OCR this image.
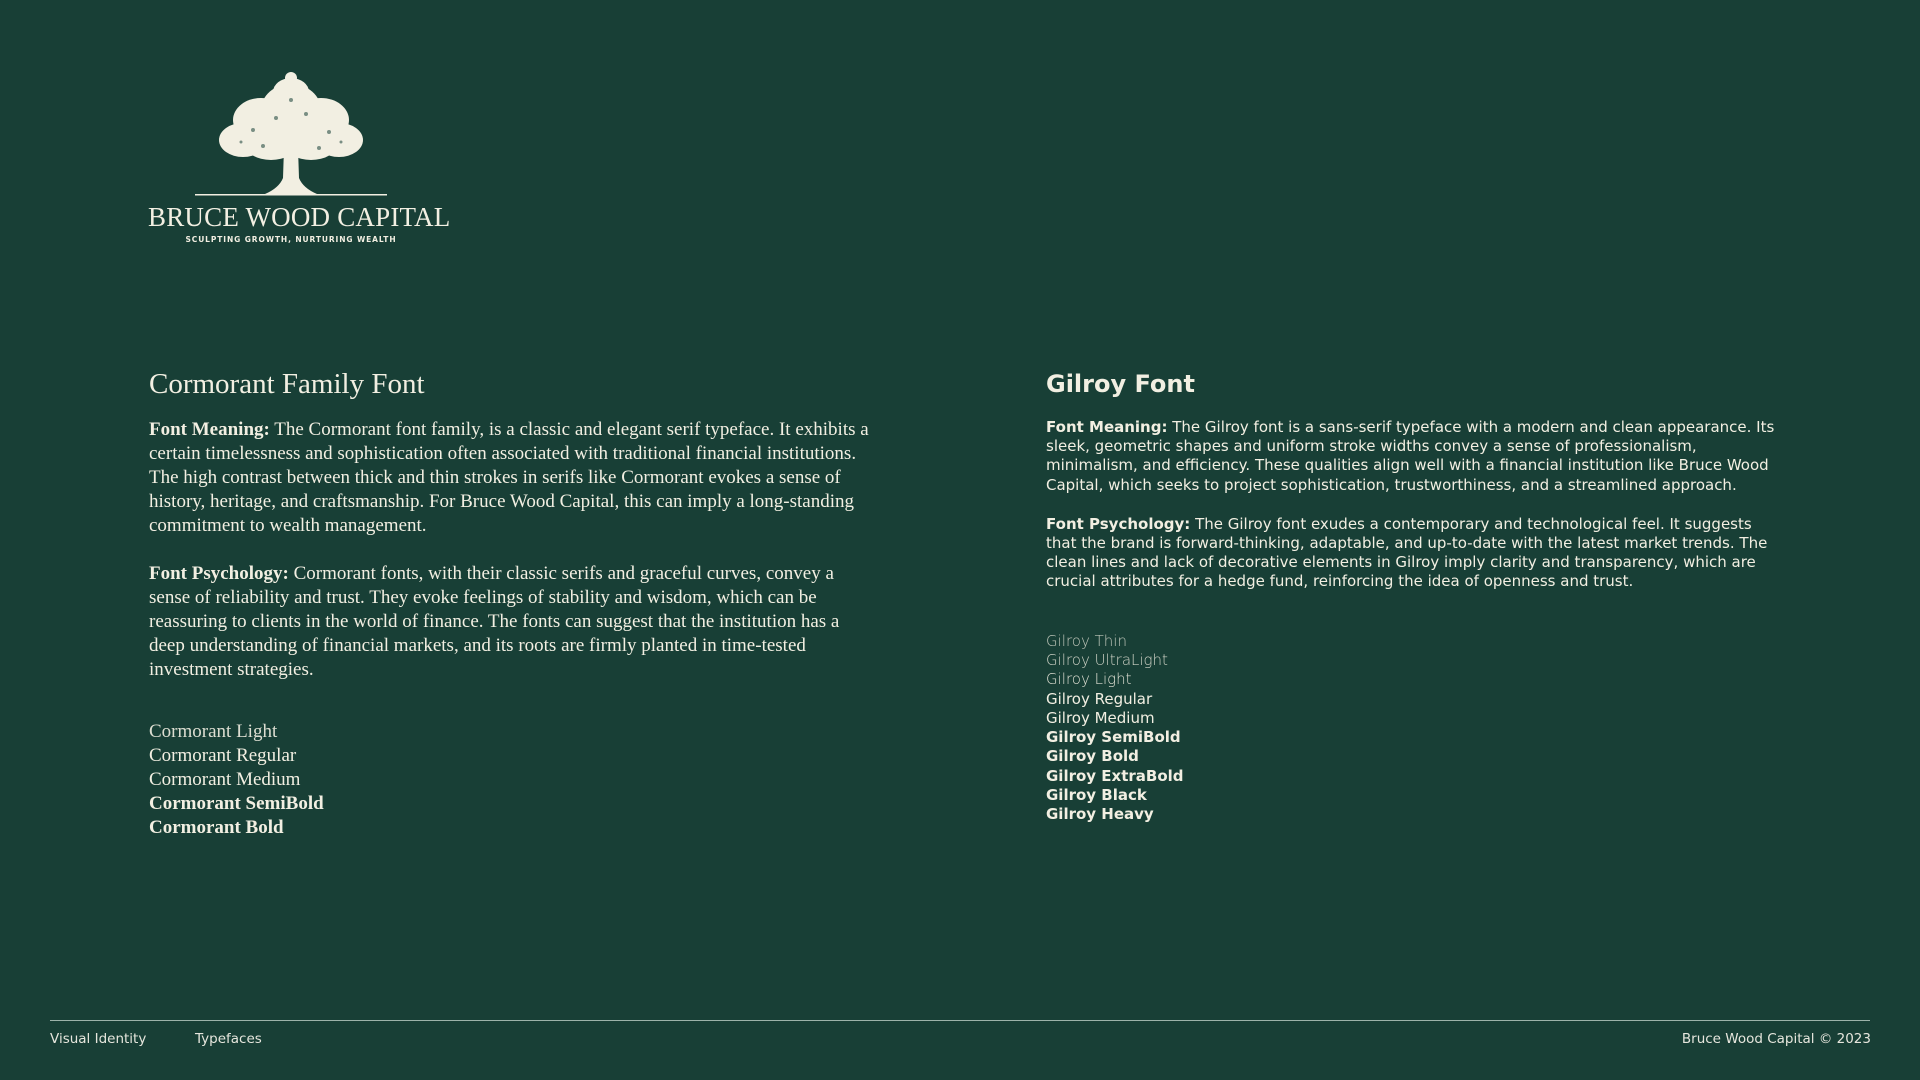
BRUCE WOOD CAPITAL
SCULPTING GROWTH, NURTURING WEALTH
Cormorant Family Font

Font Meaning: The Cormorant font family, is a classic and elegant serif typeface. It exhibits a certain timelessness and sophistication often associated with traditional financial institutions. The high contrast between thick and thin strokes in serifs like Cormorant evokes a sense of history, heritage, and craftsmanship. For Bruce Wood Capital, this can imply a long-standing commitment to wealth management.

Font Psychology: Cormorant fonts, with their classic serifs and graceful curves, convey a sense of reliability and trust. They evoke feelings of stability and wisdom, which can be reassuring to clients in the world of finance. The fonts can suggest that the institution has a deep understanding of financial markets, and its roots are firmly planted in time-tested investment strategies.

Cormorant Light
Cormorant Regular
Cormorant Medium
Cormorant SemiBold
Cormorant Bold
Gilroy Font

Font Meaning: The Gilroy font is a sans-serif typeface with a modern and clean appearance. Its sleek, geometric shapes and uniform stroke widths convey a sense of professionalism, minimalism, and efficiency. These qualities align well with a financial institution like Bruce Wood Capital, which seeks to project sophistication, trustworthiness, and a streamlined approach.

Font Psychology: The Gilroy font exudes a contemporary and technological feel. It suggests that the brand is forward-thinking, adaptable, and up-to-date with the latest market trends. The clean lines and lack of decorative elements in Gilroy imply clarity and transparency, which are crucial attributes for a hedge fund, reinforcing the idea of openness and trust.

Gilroy Thin
Gilroy UltraLight
Gilroy Light
Gilroy Regular
Gilroy Medium
Gilroy SemiBold
Gilroy Bold
Gilroy ExtraBold
Gilroy Black
Gilroy Heavy
Visual Identity	Typefaces	Bruce Wood Capital © 2023
